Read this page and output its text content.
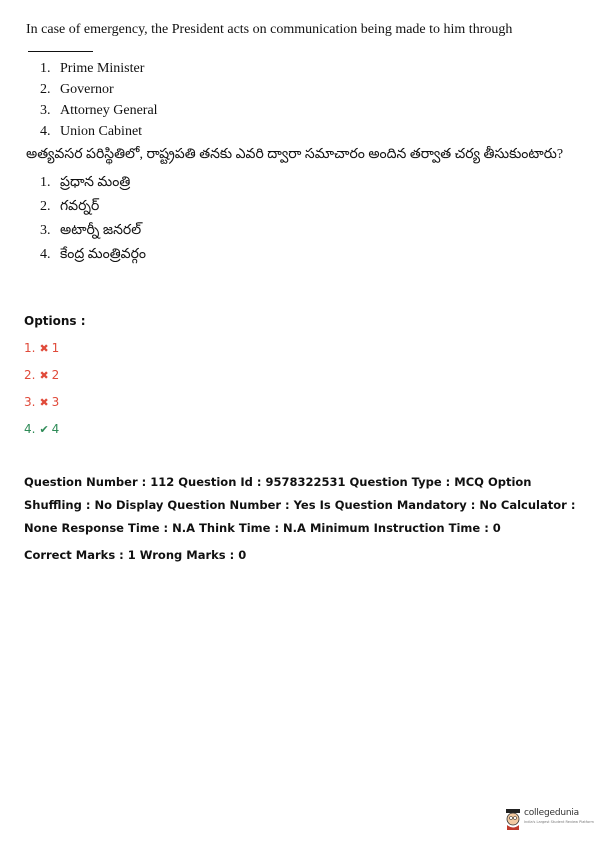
In case of emergency, the President acts on communication being made to him through
1. Prime Minister
2. Governor
3. Attorney General
4. Union Cabinet
అత్యవసర పరిస్థితిలో, రాష్ట్రపతి తనకు ఎవరి ద్వారా సమాచారం అందిన తర్వాత చర్య తీసుకుంటారు?
1. ప్రధాన మంత్రి
2. గవర్నర్
3. అటార్నీ జనరల్
4. కేంద్ర మంత్రివర్గం
Options :
1. ✖ 1
2. ✖ 2
3. ✖ 3
4. ✔ 4

Question Number : 112 Question Id : 9578322531 Question Type : MCQ Option Shuffling : No Display Question Number : Yes Is Question Mandatory : No Calculator : None Response Time : N.A Think Time : N.A Minimum Instruction Time : 0

Correct Marks : 1 Wrong Marks : 0

collegedunia
India's Largest Student Review Platform
